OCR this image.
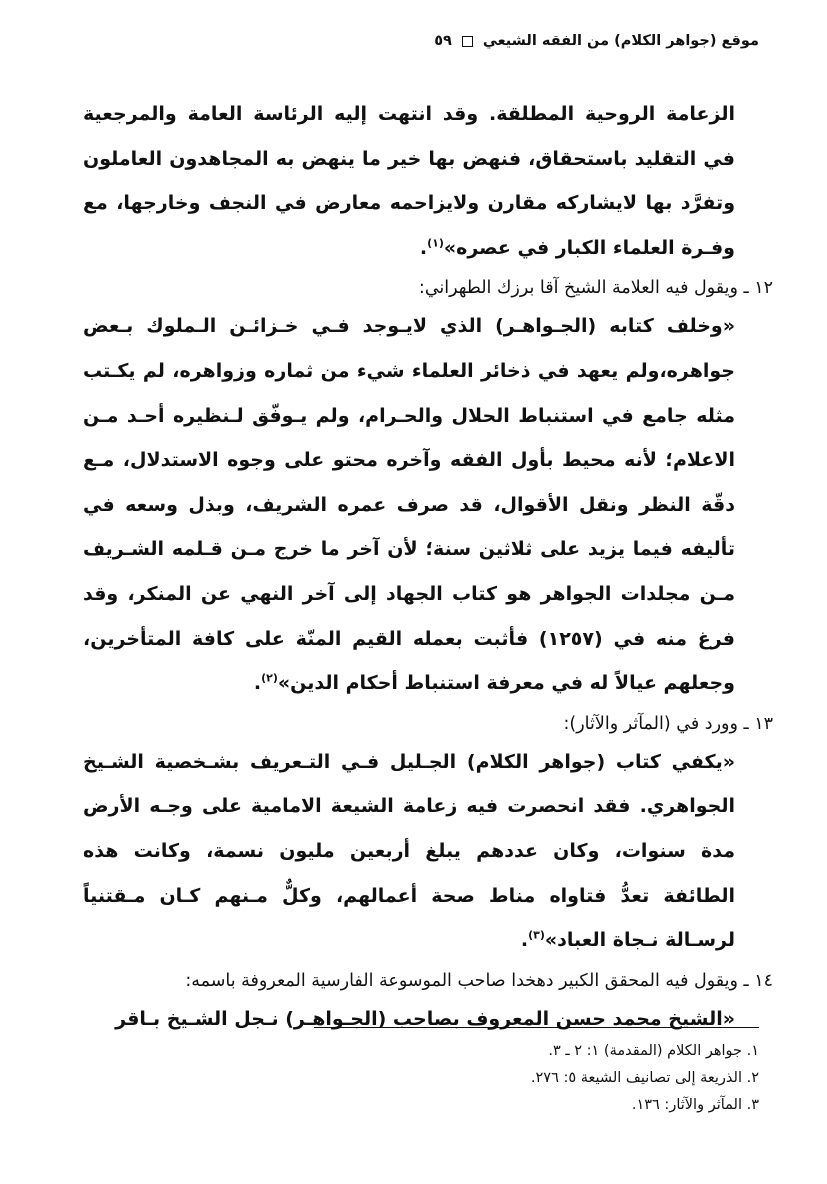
موقع (جواهر الكلام) من الفقه الشيعي
٥٩

الزعامة الروحية المطلقة. وقد انتهت إليه الرئاسة العامة والمرجعية في التقليد باستحقاق، فنهض بها خير ما ينهض به المجاهدون العاملون وتفرَّد بها لايشاركه مقارن ولايزاحمه معارض في النجف وخارجها، مع وفـرة العلماء الكبار في عصره»$^{(١)}$.

١٢ ـ ويقول فيه العلامة الشيخ آقا برزك الطهراني:

«وخلف كتابه (الجـواهـر) الذي لايـوجد فـي خـزائـن الـملوك بـعض جواهره،ولم يعهد في ذخائر العلماء شيء من ثماره وزواهره، لم يكـتب مثله جامع في استنباط الحلال والحـرام، ولم يـوفّق لـنظيره أحـد مـن الاعلام؛ لأنه محيط بأول الفقه وآخره محتو على وجوه الاستدلال، مـع دقّة النظر ونقل الأقوال، قد صرف عمره الشريف، وبذل وسعه في تأليفه فيما يزيد على ثلاثين سنة؛ لأن آخر ما خرج مـن قـلمه الشـريف مـن مجلدات الجواهر هو كتاب الجهاد إلى آخر النهي عن المنكر، وقد فرغ منه في (١٢٥٧) فأثبت بعمله القيم المنّة على كافة المتأخرين، وجعلهم عيالاً له في معرفة استنباط أحكام الدين»$^{(٢)}$.

١٣ ـ وورد في (المآثر والآثار):

«يكفي كتاب (جواهر الكلام) الجـليل فـي التـعريف بشـخصية الشـيخ الجواهري. فقد انحصرت فيه زعامة الشيعة الامامية على وجـه الأرض مدة سنوات، وكان عددهم يبلغ أربعين مليون نسمة، وكانت هذه الطائفة تعدُّ فتاواه مناط صحة أعمالهم، وكلٌّ مـنهم كـان مـقتنياً لرسـالة نـجاة العباد»$^{(٣)}$.

١٤ ـ ويقول فيه المحقق الكبير دهخدا صاحب الموسوعة الفارسية المعروفة باسمه:

«الشيخ محمد حسن المعروف بصاحب (الجـواهـر) نـجل الشـيخ بـاقر

١. جواهر الكلام (المقدمة) ١: ٢ ـ ٣.

٢. الذريعة إلى تصانيف الشيعة ٥: ٢٧٦.

٣. المآثر والآثار: ١٣٦.
